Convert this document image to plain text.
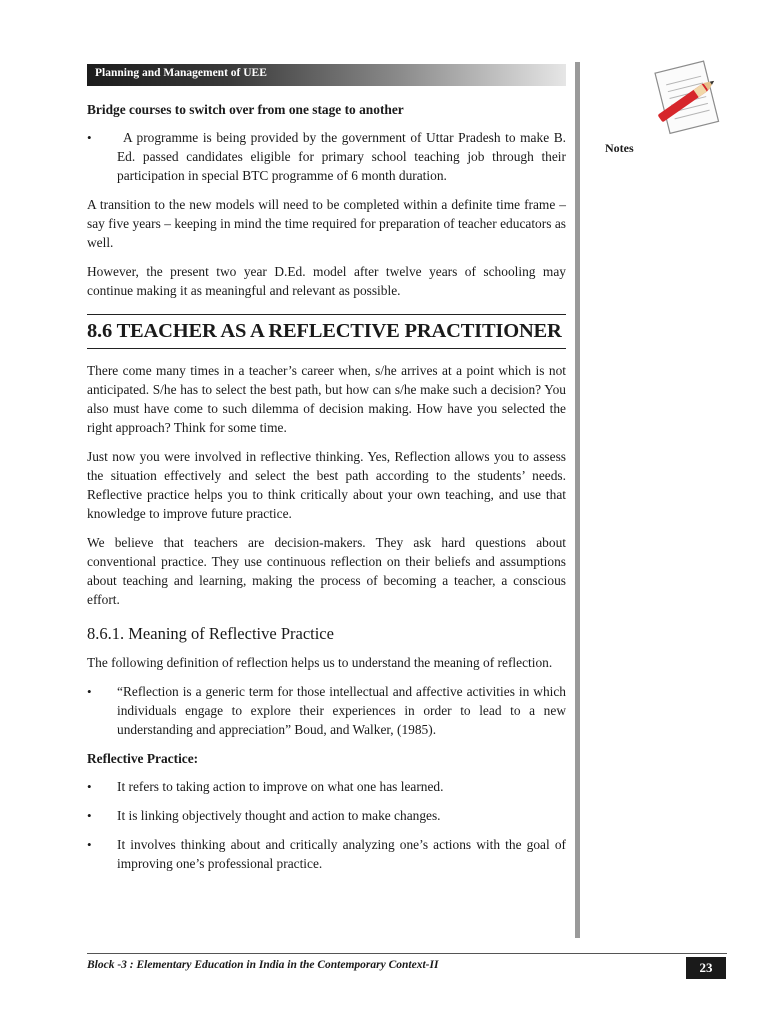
Planning and Management of UEE
Notes

Bridge courses to switch over from one stage to another

•	A programme is being provided by the government of Uttar Pradesh to make B. Ed. passed candidates eligible for primary school teaching job through their participation in special BTC programme of 6 month duration.

A transition to the new models will need to be completed within a definite time frame – say five years – keeping in mind the time required for preparation of teacher educators as well.

However, the present two year D.Ed. model after twelve years of schooling may continue making it as meaningful and relevant as possible.

8.6 TEACHER AS A REFLECTIVE PRACTITIONER

There come many times in a teacher’s career when, s/he arrives at a point which is not anticipated. S/he has to select the best path, but how can s/he make such a decision? You also must have come to such dilemma of decision making. How have you selected the right approach? Think for some time.

Just now you were involved in reflective thinking. Yes, Reflection allows you to assess the situation effectively and select the best path according to the students’ needs. Reflective practice helps you to think critically about your own teaching, and use that knowledge to improve future practice.

We believe that teachers are decision-makers. They ask hard questions about conventional practice. They use continuous reflection on their beliefs and assumptions about teaching and learning, making the process of becoming a teacher, a conscious effort.

8.6.1. Meaning of Reflective Practice

The following definition of reflection helps us to understand the meaning of reflection.

•	“Reflection is a generic term for those intellectual and affective activities in which individuals engage to explore their experiences in order to lead to a new understanding and appreciation” Boud, and Walker, (1985).

Reflective Practice:

•	It refers to taking action to improve on what one has learned.
•	It is linking objectively thought and action to make changes.
•	It involves thinking about and critically analyzing one’s actions with the goal of improving one’s professional practice.
Block -3 : Elementary Education in India in the Contemporary Context-II	23
